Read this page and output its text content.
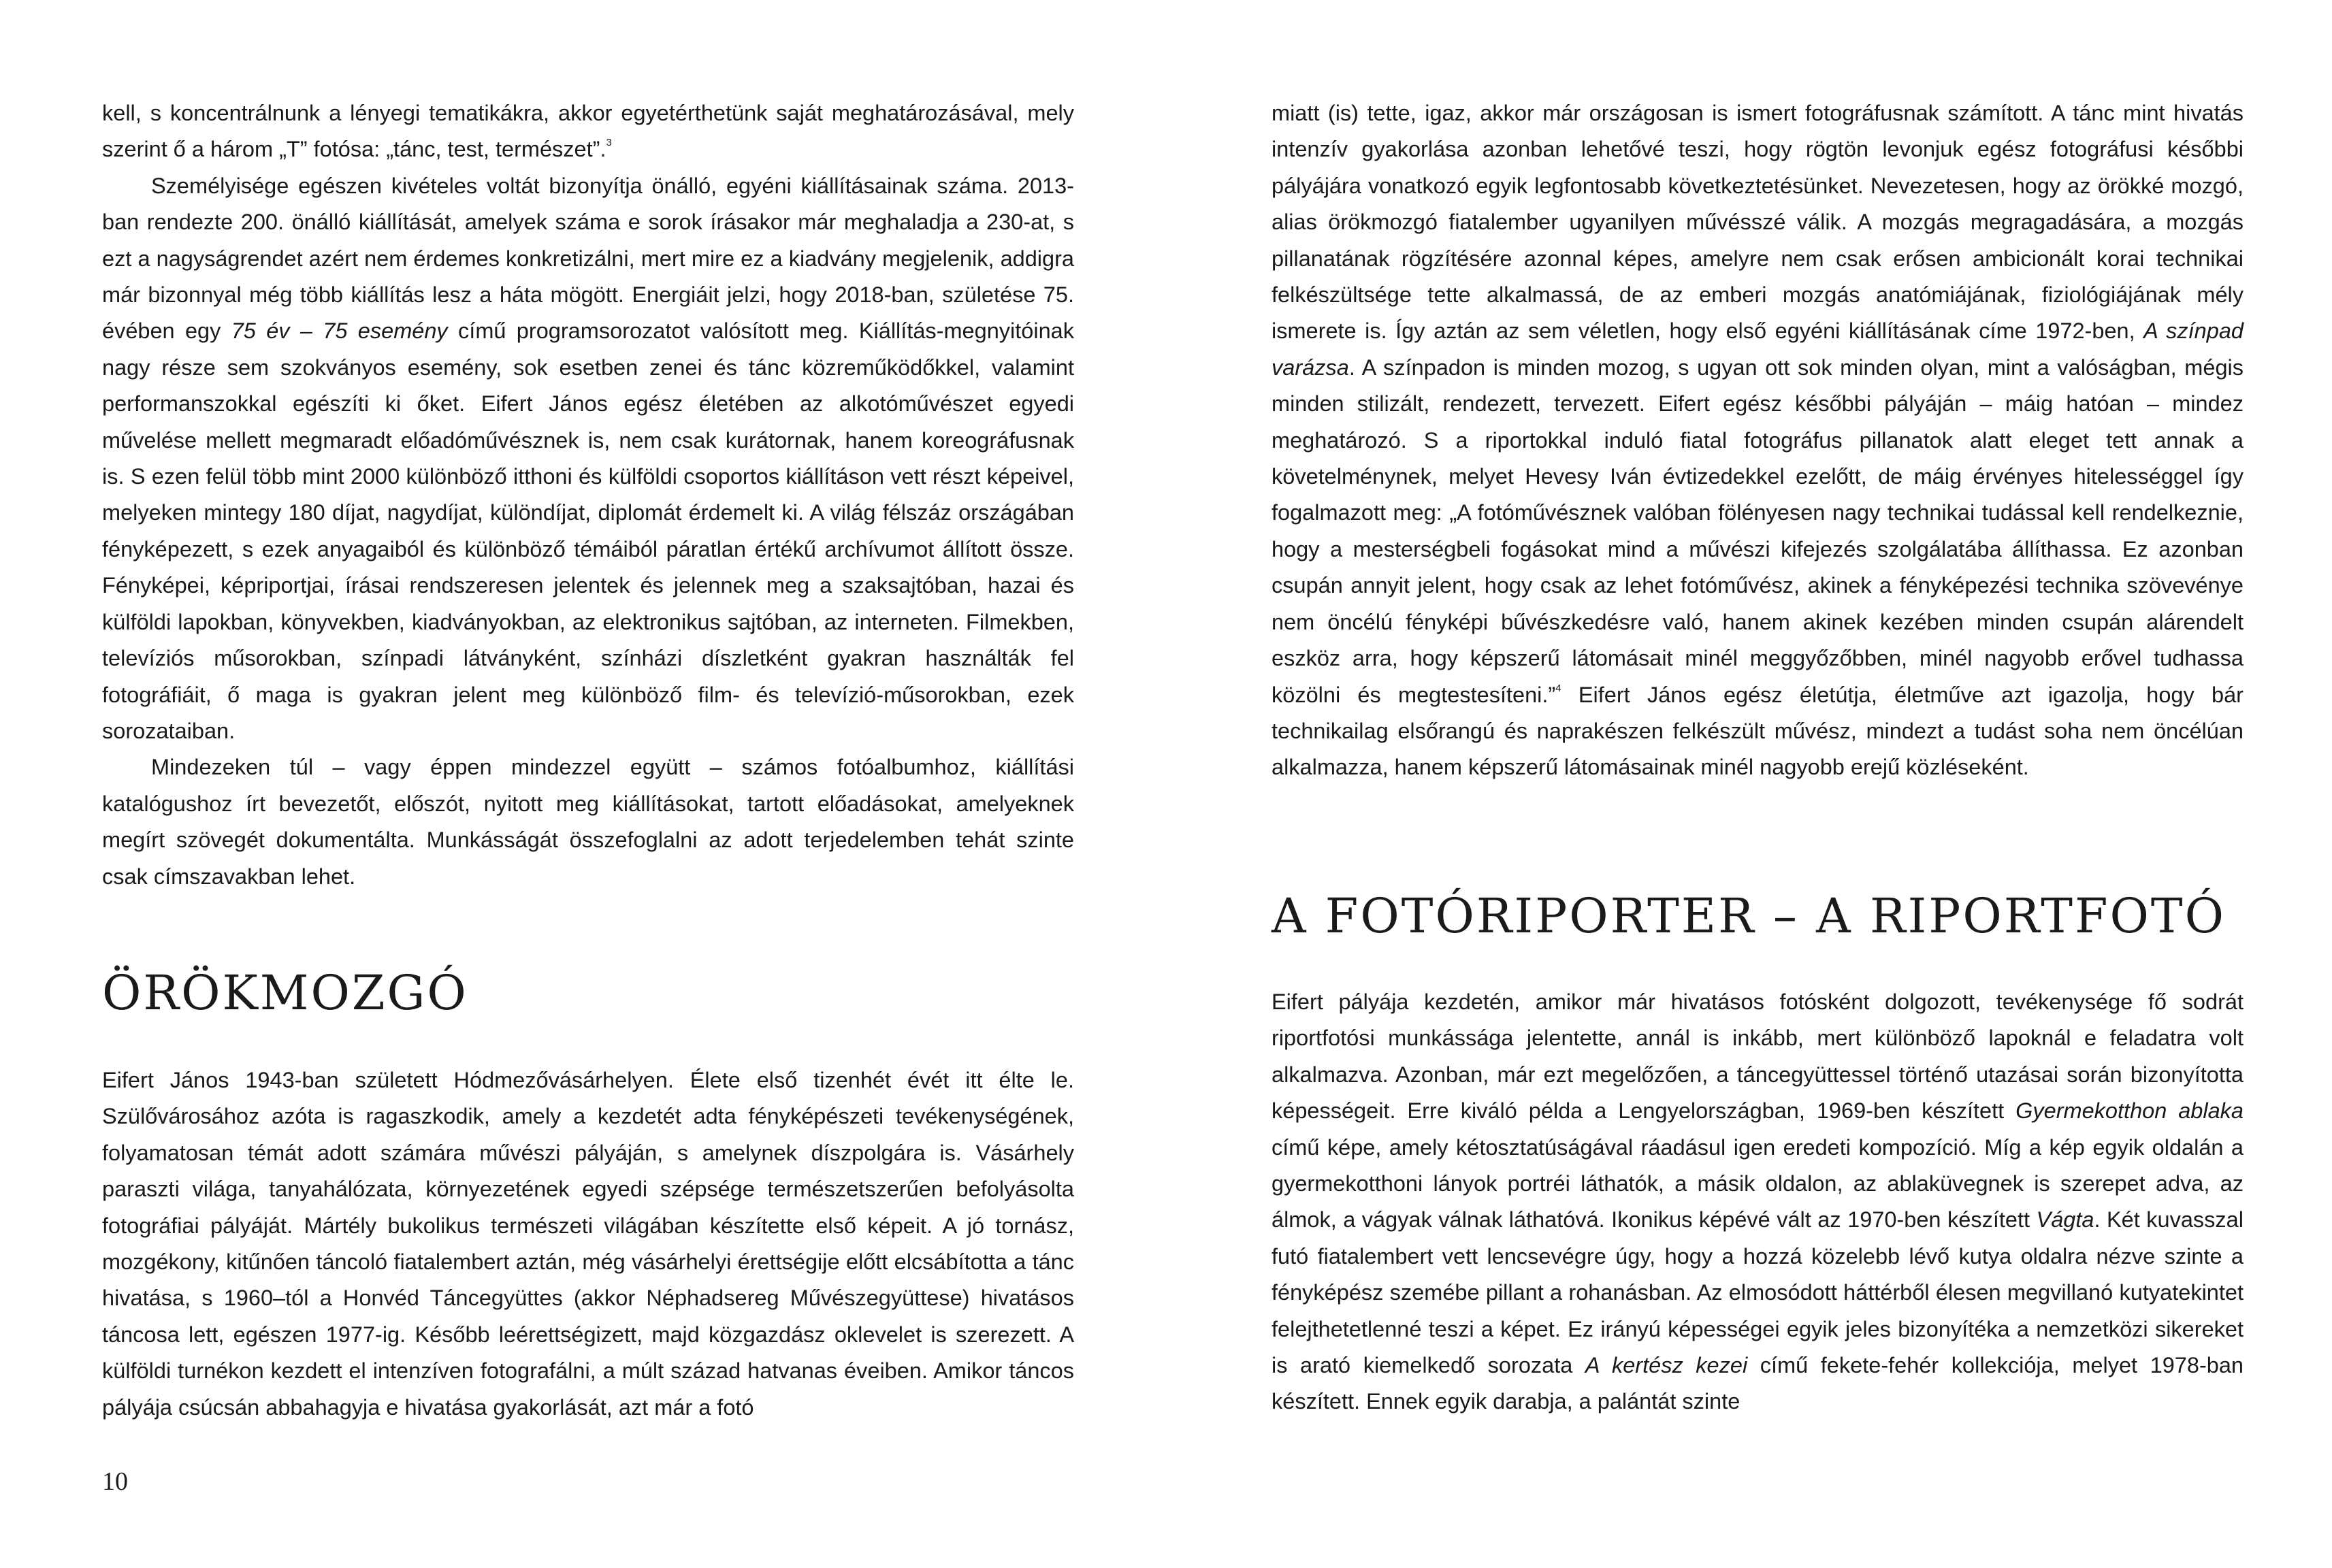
kell, s koncentrálnunk a lényegi tematikákra, akkor egyetérthetünk saját meghatározásával, mely szerint ő a három „T” fotósa: „tánc, test, természet”.$^3$

Személyisége egészen kivételes voltát bizonyítja önálló, egyéni kiállításainak száma. 2013-ban rendezte 200. önálló kiállítását, amelyek száma e sorok írásakor már meghaladja a 230-at, s ezt a nagyságrendet azért nem érdemes konkretizálni, mert mire ez a kiadvány megjelenik, addigra már bizonnyal még több kiállítás lesz a háta mögött. Energiáit jelzi, hogy 2018-ban, születése 75. évében egy 75 év – 75 esemény című programsorozatot valósított meg. Kiállítás-megnyitóinak nagy része sem szokványos esemény, sok esetben zenei és tánc közreműködőkkel, valamint performanszokkal egészíti ki őket. Eifert János egész életében az alkotóművészet egyedi művelése mellett megmaradt előadóművésznek is, nem csak kurátornak, hanem koreográfusnak is. S ezen felül több mint 2000 különböző itthoni és külföldi csoportos kiállításon vett részt képeivel, melyeken mintegy 180 díjat, nagydíjat, különdíjat, diplomát érdemelt ki. A világ félszáz országában fényképezett, s ezek anyagaiból és különböző témáiból páratlan értékű archívumot állított össze. Fényképei, képriportjai, írásai rendszeresen jelentek és jelennek meg a szaksajtóban, hazai és külföldi lapokban, könyvekben, kiadványokban, az elektronikus sajtóban, az interneten. Filmekben, televíziós műsorokban, színpadi látványként, színházi díszletként gyakran használták fel fotográfiáit, ő maga is gyakran jelent meg különböző film- és televízió-műsorokban, ezek sorozataiban.

Mindezeken túl – vagy éppen mindezzel együtt – számos fotóalbumhoz, kiállítási katalógushoz írt bevezetőt, előszót, nyitott meg kiállításokat, tartott előadásokat, amelyeknek megírt szövegét dokumentálta. Munkásságát összefoglalni az adott terjedelemben tehát szinte csak címszavakban lehet.

ÖRÖKMOZGÓ

Eifert János 1943-ban született Hódmezővásárhelyen. Élete első tizenhét évét itt élte le. Szülővárosához azóta is ragaszkodik, amely a kezdetét adta fényképészeti tevékenységének, folyamatosan témát adott számára művészi pályáján, s amelynek díszpolgára is. Vásárhely paraszti világa, tanyahálózata, környezetének egyedi szépsége természetszerűen befolyásolta fotográfiai pályáját. Mártély bukolikus természeti világában készítette első képeit. A jó tornász, mozgékony, kitűnően táncoló fiatalembert aztán, még vásárhelyi érettségije előtt elcsábította a tánc hivatása, s 1960–tól a Honvéd Táncegyüttes (akkor Néphadsereg Művészegyüttese) hivatásos táncosa lett, egészen 1977-ig. Később leérettségizett, majd közgazdász oklevelet is szerezett. A külföldi turnékon kezdett el intenzíven fotografálni, a múlt század hatvanas éveiben. Amikor táncos pályája csúcsán abbahagyja e hivatása gyakorlását, azt már a fotó

10

miatt (is) tette, igaz, akkor már országosan is ismert fotográfusnak számított. A tánc mint hivatás intenzív gyakorlása azonban lehetővé teszi, hogy rögtön levonjuk egész fotográfusi későbbi pályájára vonatkozó egyik legfontosabb következtetésünket. Nevezetesen, hogy az örökké mozgó, alias örökmozgó fiatalember ugyanilyen művésszé válik. A mozgás megragadására, a mozgás pillanatának rögzítésére azonnal képes, amelyre nem csak erősen ambicionált korai technikai felkészültsége tette alkalmassá, de az emberi mozgás anatómiájának, fiziológiájának mély ismerete is. Így aztán az sem véletlen, hogy első egyéni kiállításának címe 1972-ben, A színpad varázsa. A színpadon is minden mozog, s ugyan ott sok minden olyan, mint a valóságban, mégis minden stilizált, rendezett, tervezett. Eifert egész későbbi pályáján – máig hatóan – mindez meghatározó. S a riportokkal induló fiatal fotográfus pillanatok alatt eleget tett annak a követelménynek, melyet Hevesy Iván évtizedekkel ezelőtt, de máig érvényes hitelességgel így fogalmazott meg: „A fotóművésznek valóban fölényesen nagy technikai tudással kell rendelkeznie, hogy a mesterségbeli fogásokat mind a művészi kifejezés szolgálatába állíthassa. Ez azonban csupán annyit jelent, hogy csak az lehet fotóművész, akinek a fényképezési technika szövevénye nem öncélú fényképi bűvészkedésre való, hanem akinek kezében minden csupán alárendelt eszköz arra, hogy képszerű látomásait minél meggyőzőbben, minél nagyobb erővel tudhassa közölni és megtestesíteni.”$^4$ Eifert János egész életútja, életműve azt igazolja, hogy bár technikailag elsőrangú és naprakészen felkészült művész, mindezt a tudást soha nem öncélúan alkalmazza, hanem képszerű látomásainak minél nagyobb erejű közléseként.

A FOTÓRIPORTER – A RIPORTFOTÓ

Eifert pályája kezdetén, amikor már hivatásos fotósként dolgozott, tevékenysége fő sodrát riportfotósi munkássága jelentette, annál is inkább, mert különböző lapoknál e feladatra volt alkalmazva. Azonban, már ezt megelőzően, a táncegyüttessel történő utazásai során bizonyította képességeit. Erre kiváló példa a Lengyelországban, 1969-ben készített Gyermekotthon ablaka című képe, amely kétosztatúságával ráadásul igen eredeti kompozíció. Míg a kép egyik oldalán a gyermekotthoni lányok portréi láthatók, a másik oldalon, az ablaküvegnek is szerepet adva, az álmok, a vágyak válnak láthatóvá. Ikonikus képévé vált az 1970-ben készített Vágta. Két kuvasszal futó fiatalembert vett lencsevégre úgy, hogy a hozzá közelebb lévő kutya oldalra nézve szinte a fényképész szemébe pillant a rohanásban. Az elmosódott háttérből élesen megvillanó kutyatekintet felejthetetlenné teszi a képet. Ez irányú képességei egyik jeles bizonyítéka a nemzetközi sikereket is arató kiemelkedő sorozata A kertész kezei című fekete-fehér kollekciója, melyet 1978-ban készített. Ennek egyik darabja, a palántát szinte
